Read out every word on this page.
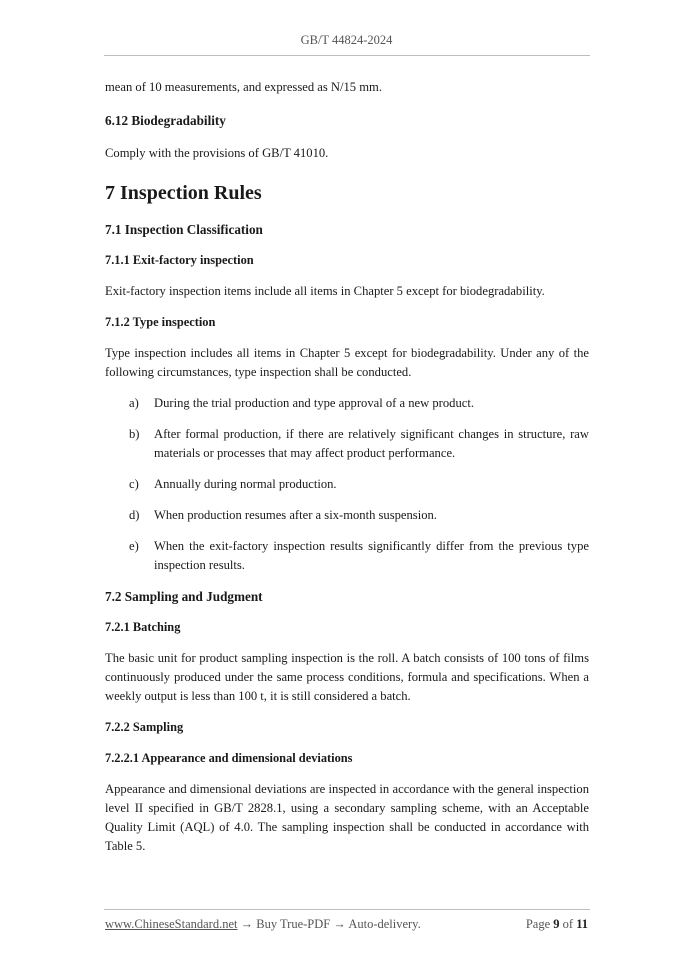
GB/T 44824-2024

mean of 10 measurements, and expressed as N/15 mm.

6.12 Biodegradability

Comply with the provisions of GB/T 41010.

7 Inspection Rules
7.1 Inspection Classification
7.1.1 Exit-factory inspection

Exit-factory inspection items include all items in Chapter 5 except for biodegradability.

7.1.2 Type inspection

Type inspection includes all items in Chapter 5 except for biodegradability. Under any of the following circumstances, type inspection shall be conducted.

a)	During the trial production and type approval of a new product.
b)	After formal production, if there are relatively significant changes in structure, raw materials or processes that may affect product performance.
c)	Annually during normal production.
d)	When production resumes after a six-month suspension.
e)	When the exit-factory inspection results significantly differ from the previous type inspection results.
7.2 Sampling and Judgment
7.2.1 Batching

The basic unit for product sampling inspection is the roll. A batch consists of 100 tons of films continuously produced under the same process conditions, formula and specifications. When a weekly output is less than 100 t, it is still considered a batch.

7.2.2 Sampling
7.2.2.1 Appearance and dimensional deviations

Appearance and dimensional deviations are inspected in accordance with the general inspection level II specified in GB/T 2828.1, using a secondary sampling scheme, with an Acceptable Quality Limit (AQL) of 4.0. The sampling inspection shall be conducted in accordance with Table 5.

www.ChineseStandard.net → Buy True-PDF → Auto-delivery.	Page 9 of 11
